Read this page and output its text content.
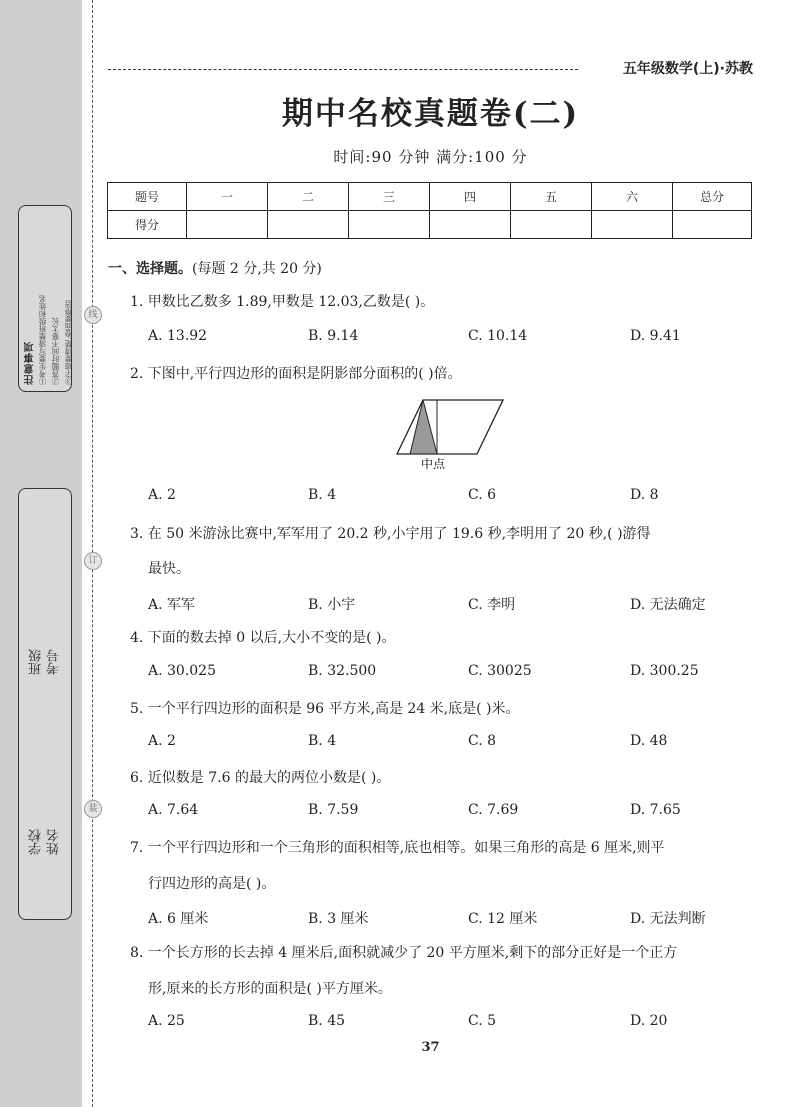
线
订
装
注意事项 ①考生要写清楚班级和姓名 ②答题时间不要太长 ③字迹要清楚,卷面要整洁
学校 姓名
班级 考号
五年级数学(上)·苏教
期中名校真题卷(二)
时间:90 分钟 满分:100 分
题号	一	二	三	四	五	六	总分
得分							
一、选择题。(每题 2 分,共 20 分)
1. 甲数比乙数多 1.89,甲数是 12.03,乙数是( )。
A. 13.92	B. 9.14	C. 10.14	D. 9.41
2. 下图中,平行四边形的面积是阴影部分面积的( )倍。
中点
A. 2	B. 4	C. 6	D. 8
3. 在 50 米游泳比赛中,军军用了 20.2 秒,小宇用了 19.6 秒,李明用了 20 秒,( )游得
最快。
A. 军军	B. 小宇	C. 李明	D. 无法确定
4. 下面的数去掉 0 以后,大小不变的是( )。
A. 30.025	B. 32.500	C. 30025	D. 300.25
5. 一个平行四边形的面积是 96 平方米,高是 24 米,底是( )米。
A. 2	B. 4	C. 8	D. 48
6. 近似数是 7.6 的最大的两位小数是( )。
A. 7.64	B. 7.59	C. 7.69	D. 7.65
7. 一个平行四边形和一个三角形的面积相等,底也相等。如果三角形的高是 6 厘米,则平
行四边形的高是( )。
A. 6 厘米	B. 3 厘米	C. 12 厘米	D. 无法判断
8. 一个长方形的长去掉 4 厘米后,面积就减少了 20 平方厘米,剩下的部分正好是一个正方
形,原来的长方形的面积是( )平方厘米。
A. 25	B. 45	C. 5	D. 20
37
